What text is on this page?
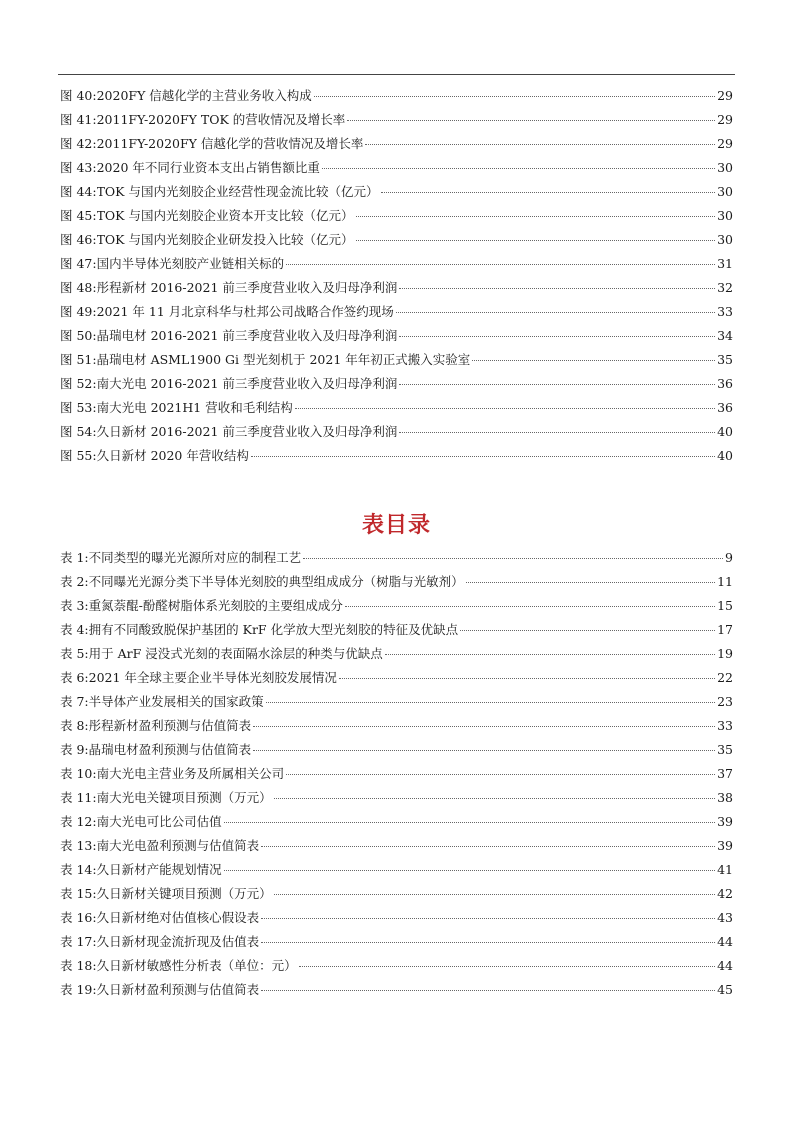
图 40: 2020FY 信越化学的主营业务收入构成	29
图 41: 2011FY-2020FY TOK 的营收情况及增长率	29
图 42: 2011FY-2020FY 信越化学的营收情况及增长率	29
图 43: 2020 年不同行业资本支出占销售额比重	30
图 44: TOK 与国内光刻胶企业经营性现金流比较（亿元）	30
图 45: TOK 与国内光刻胶企业资本开支比较（亿元）	30
图 46: TOK 与国内光刻胶企业研发投入比较（亿元）	30
图 47: 国内半导体光刻胶产业链相关标的	31
图 48: 彤程新材 2016-2021 前三季度营业收入及归母净利润	32
图 49: 2021 年 11 月北京科华与杜邦公司战略合作签约现场	33
图 50: 晶瑞电材 2016-2021 前三季度营业收入及归母净利润	34
图 51: 晶瑞电材 ASML1900 Gi 型光刻机于 2021 年年初正式搬入实验室	35
图 52: 南大光电 2016-2021 前三季度营业收入及归母净利润	36
图 53: 南大光电 2021H1 营收和毛利结构	36
图 54: 久日新材 2016-2021 前三季度营业收入及归母净利润	40
图 55: 久日新材 2020 年营收结构	40
表目录
表 1: 不同类型的曝光光源所对应的制程工艺	9
表 2: 不同曝光光源分类下半导体光刻胶的典型组成成分（树脂与光敏剂）	11
表 3: 重氮萘醌-酚醛树脂体系光刻胶的主要组成成分	15
表 4: 拥有不同酸致脱保护基团的 KrF 化学放大型光刻胶的特征及优缺点	17
表 5: 用于 ArF 浸没式光刻的表面隔水涂层的种类与优缺点	19
表 6: 2021 年全球主要企业半导体光刻胶发展情况	22
表 7: 半导体产业发展相关的国家政策	23
表 8: 彤程新材盈利预测与估值简表	33
表 9: 晶瑞电材盈利预测与估值简表	35
表 10: 南大光电主营业务及所属相关公司	37
表 11: 南大光电关键项目预测（万元）	38
表 12: 南大光电可比公司估值	39
表 13: 南大光电盈利预测与估值简表	39
表 14: 久日新材产能规划情况	41
表 15: 久日新材关键项目预测（万元）	42
表 16: 久日新材绝对估值核心假设表	43
表 17: 久日新材现金流折现及估值表	44
表 18: 久日新材敏感性分析表（单位：元）	44
表 19: 久日新材盈利预测与估值简表	45
